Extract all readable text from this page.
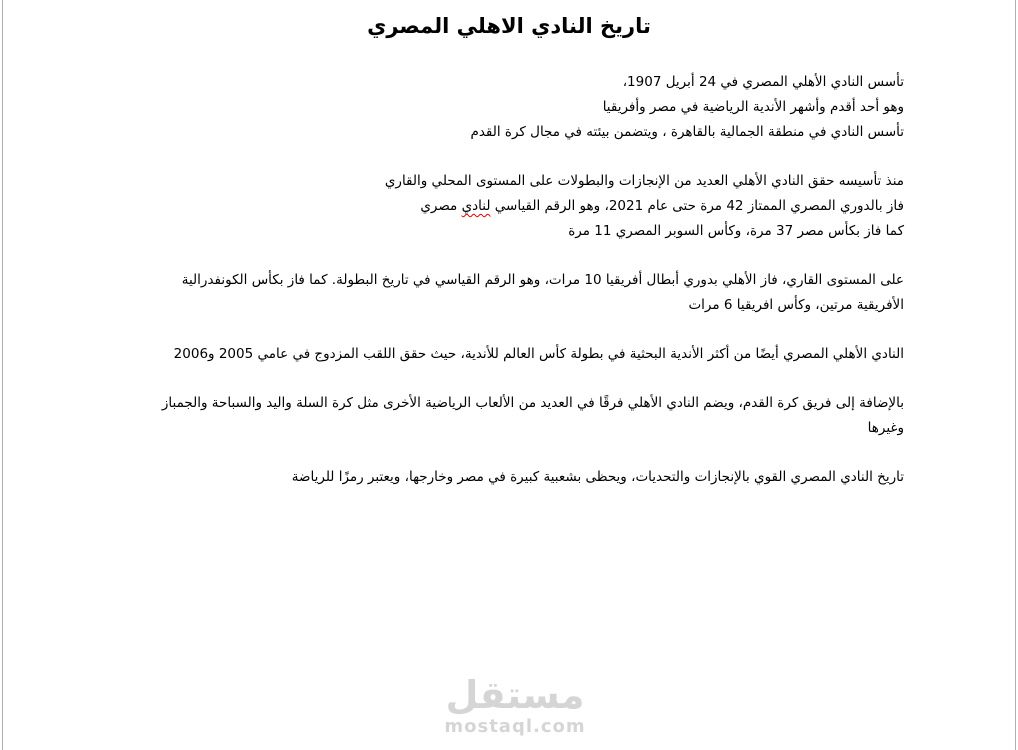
تاريخ النادي الاهلي المصري
تأسس النادي الأهلي المصري في 24 أبريل 1907،
وهو أحد أقدم وأشهر الأندية الرياضية في مصر وأفريقيا
تأسس النادي في منطقة الجمالية بالقاهرة ، ويتضمن بيئته في مجال كرة القدم
منذ تأسيسه حقق النادي الأهلي العديد من الإنجازات والبطولات على المستوى المحلي والقاري
فاز بالدوري المصري الممتاز 42 مرة حتى عام 2021، وهو الرقم القياسي لنادي مصري
كما فاز بكأس مصر 37 مرة، وكأس السوبر المصري 11 مرة
على المستوى القاري، فاز الأهلي بدوري أبطال أفريقيا 10 مرات، وهو الرقم القياسي في تاريخ البطولة. كما فاز بكأس الكونفدرالية الأفريقية مرتين، وكأس افريقيا 6 مرات
النادي الأهلي المصري أيضًا من أكثر الأندية البحثية في بطولة كأس العالم للأندية، حيث حقق اللقب المزدوج في عامي 2005 و2006
بالإضافة إلى فريق كرة القدم، ويضم النادي الأهلي فرقًا في العديد من الألعاب الرياضية الأخرى مثل كرة السلة واليد والسباحة والجمباز وغيرها
تاريخ النادي المصري القوي بالإنجازات والتحديات، ويحظى بشعبية كبيرة في مصر وخارجها، ويعتبر رمزًا للرياضة
مستقل
mostaql.com
